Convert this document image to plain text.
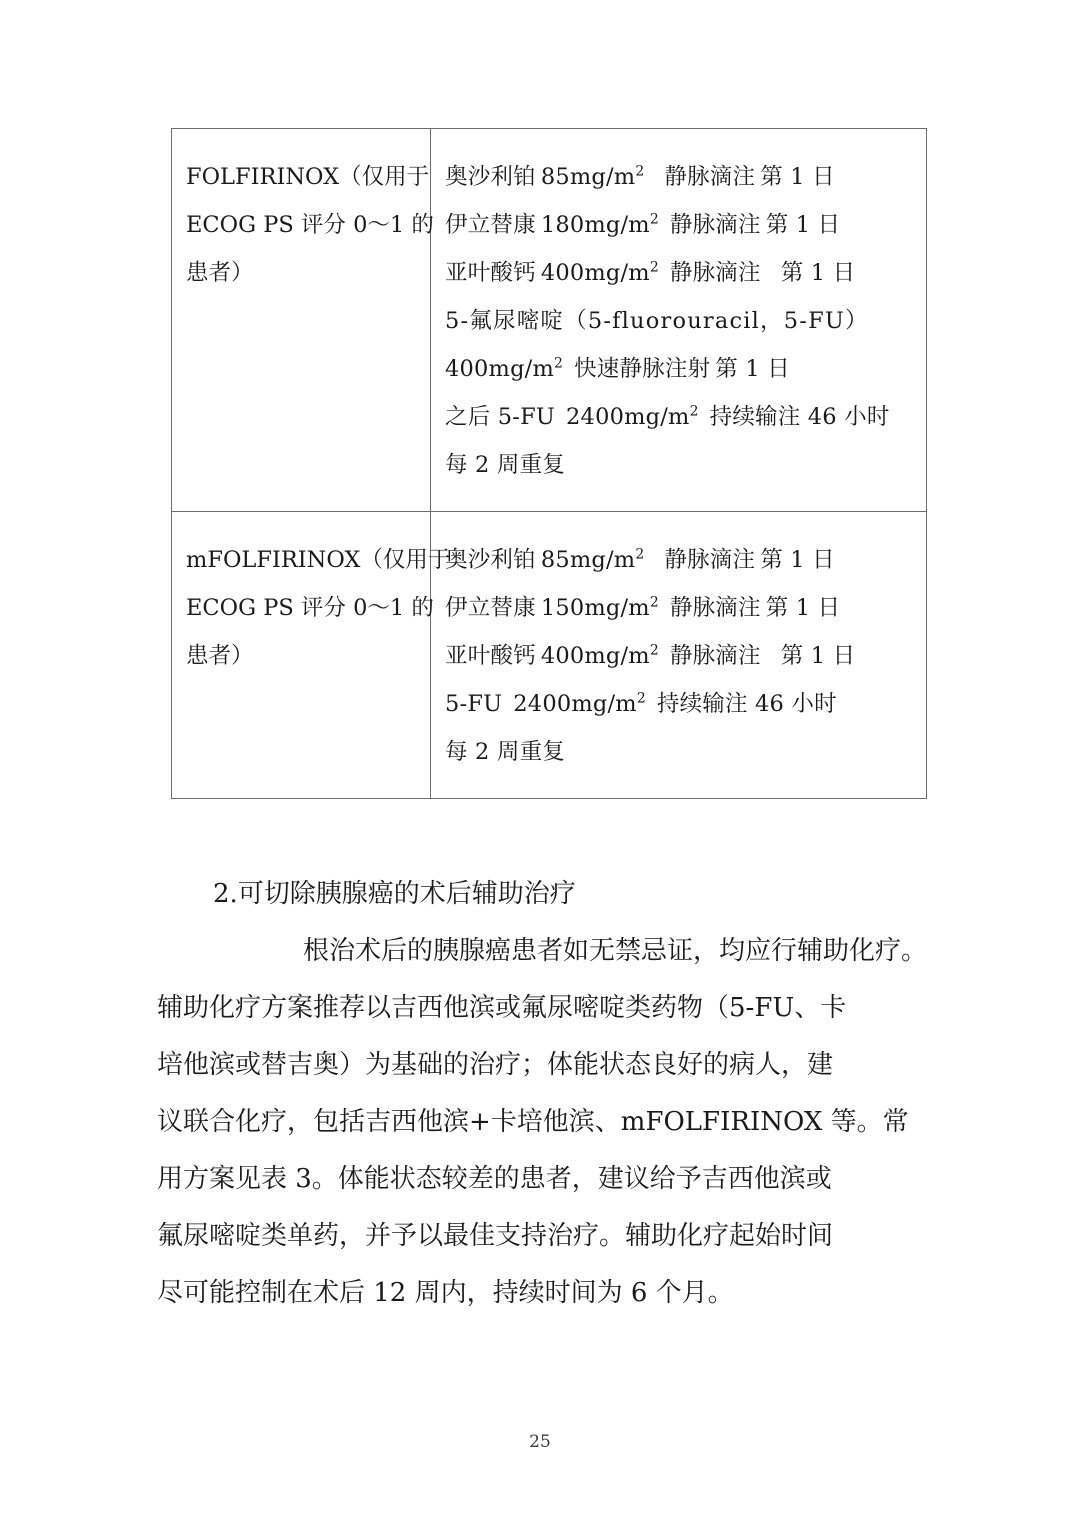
FOLFIRINOX（仅用于
ECOG PS 评分 0～1 的
患者）

奥沙利铂 $85mg/m^2$ 静脉滴注 第 1 日
伊立替康 $180mg/m^2$ 静脉滴注 第 1 日
亚叶酸钙 $400mg/m^2$ 静脉滴注 第 1 日
5-氟尿嘧啶（5-fluorouracil，5-FU）
$400mg/m^2$ 快速静脉注射 第 1 日
之后 5-FU $2400mg/m^2$ 持续输注 46 小时
每 2 周重复

mFOLFIRINOX（仅用于
ECOG PS 评分 0～1 的
患者）

奥沙利铂 $85mg/m^2$ 静脉滴注 第 1 日
伊立替康 $150mg/m^2$ 静脉滴注 第 1 日
亚叶酸钙 $400mg/m^2$ 静脉滴注 第 1 日
5-FU $2400mg/m^2$ 持续输注 46 小时
每 2 周重复
2.可切除胰腺癌的术后辅助治疗
根治术后的胰腺癌患者如无禁忌证，均应行辅助化疗。
辅助化疗方案推荐以吉西他滨或氟尿嘧啶类药物（5-FU、卡
培他滨或替吉奥）为基础的治疗；体能状态良好的病人，建
议联合化疗，包括吉西他滨+卡培他滨、mFOLFIRINOX 等。常
用方案见表 3。体能状态较差的患者，建议给予吉西他滨或
氟尿嘧啶类单药，并予以最佳支持治疗。辅助化疗起始时间
尽可能控制在术后 12 周内，持续时间为 6 个月。
25
